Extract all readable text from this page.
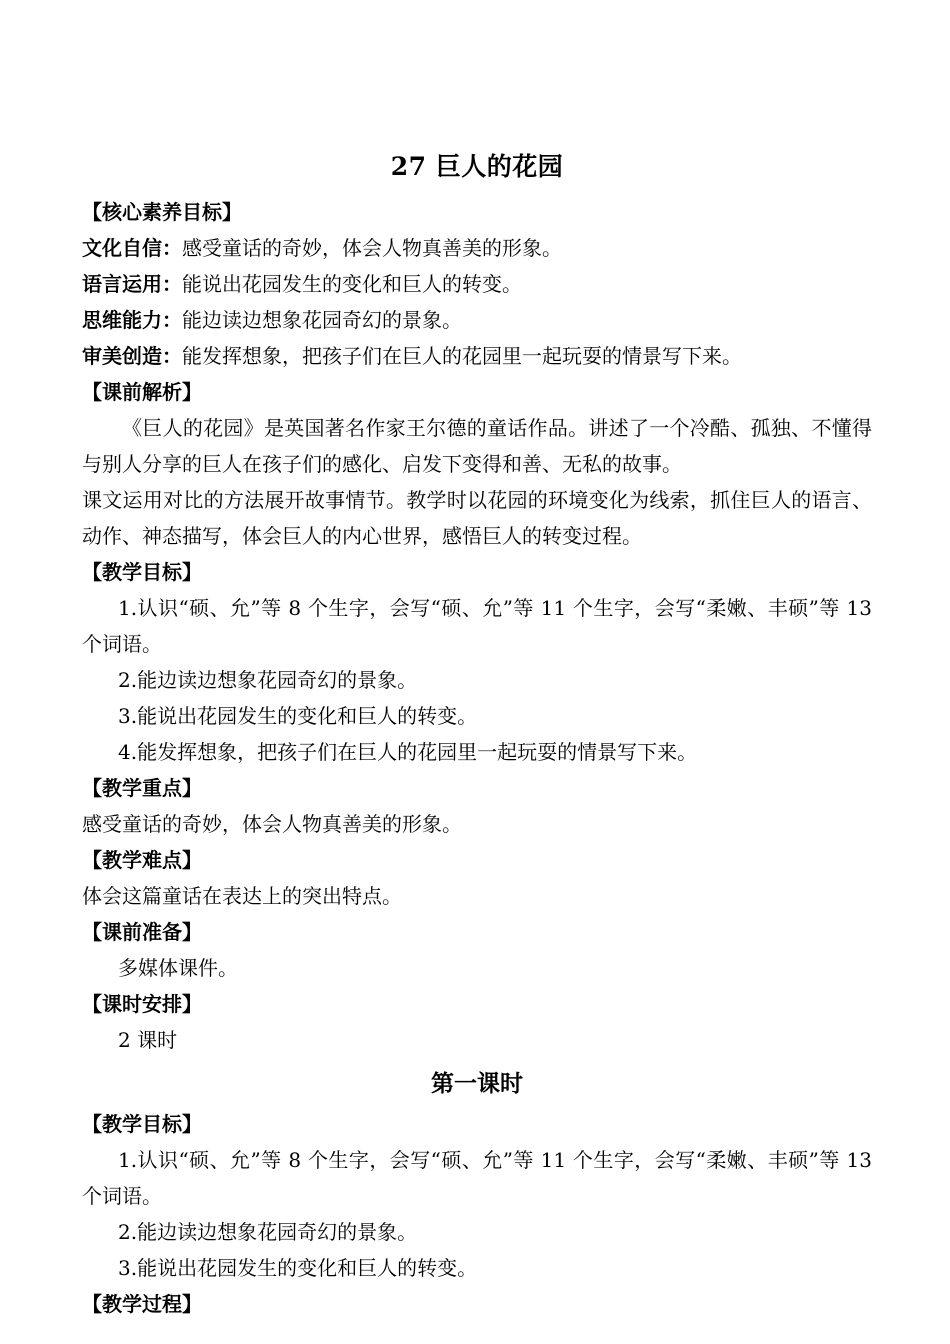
27 巨人的花园

【核心素养目标】

文化自信：感受童话的奇妙，体会人物真善美的形象。

语言运用：能说出花园发生的变化和巨人的转变。

思维能力：能边读边想象花园奇幻的景象。

审美创造：能发挥想象，把孩子们在巨人的花园里一起玩耍的情景写下来。

【课前解析】

《巨人的花园》是英国著名作家王尔德的童话作品。讲述了一个冷酷、孤独、不懂得与别人分享的巨人在孩子们的感化、启发下变得和善、无私的故事。

课文运用对比的方法展开故事情节。教学时以花园的环境变化为线索，抓住巨人的语言、动作、神态描写，体会巨人的内心世界，感悟巨人的转变过程。

【教学目标】

1.认识“硕、允”等 8 个生字，会写“硕、允”等 11 个生字，会写“柔嫩、丰硕”等 13 个词语。

2.能边读边想象花园奇幻的景象。

3.能说出花园发生的变化和巨人的转变。

4.能发挥想象，把孩子们在巨人的花园里一起玩耍的情景写下来。

【教学重点】

感受童话的奇妙，体会人物真善美的形象。

【教学难点】

体会这篇童话在表达上的突出特点。

【课前准备】

多媒体课件。

【课时安排】

2 课时

第一课时

【教学目标】

1.认识“硕、允”等 8 个生字，会写“硕、允”等 11 个生字，会写“柔嫩、丰硕”等 13 个词语。

2.能边读边想象花园奇幻的景象。

3.能说出花园发生的变化和巨人的转变。

【教学过程】
